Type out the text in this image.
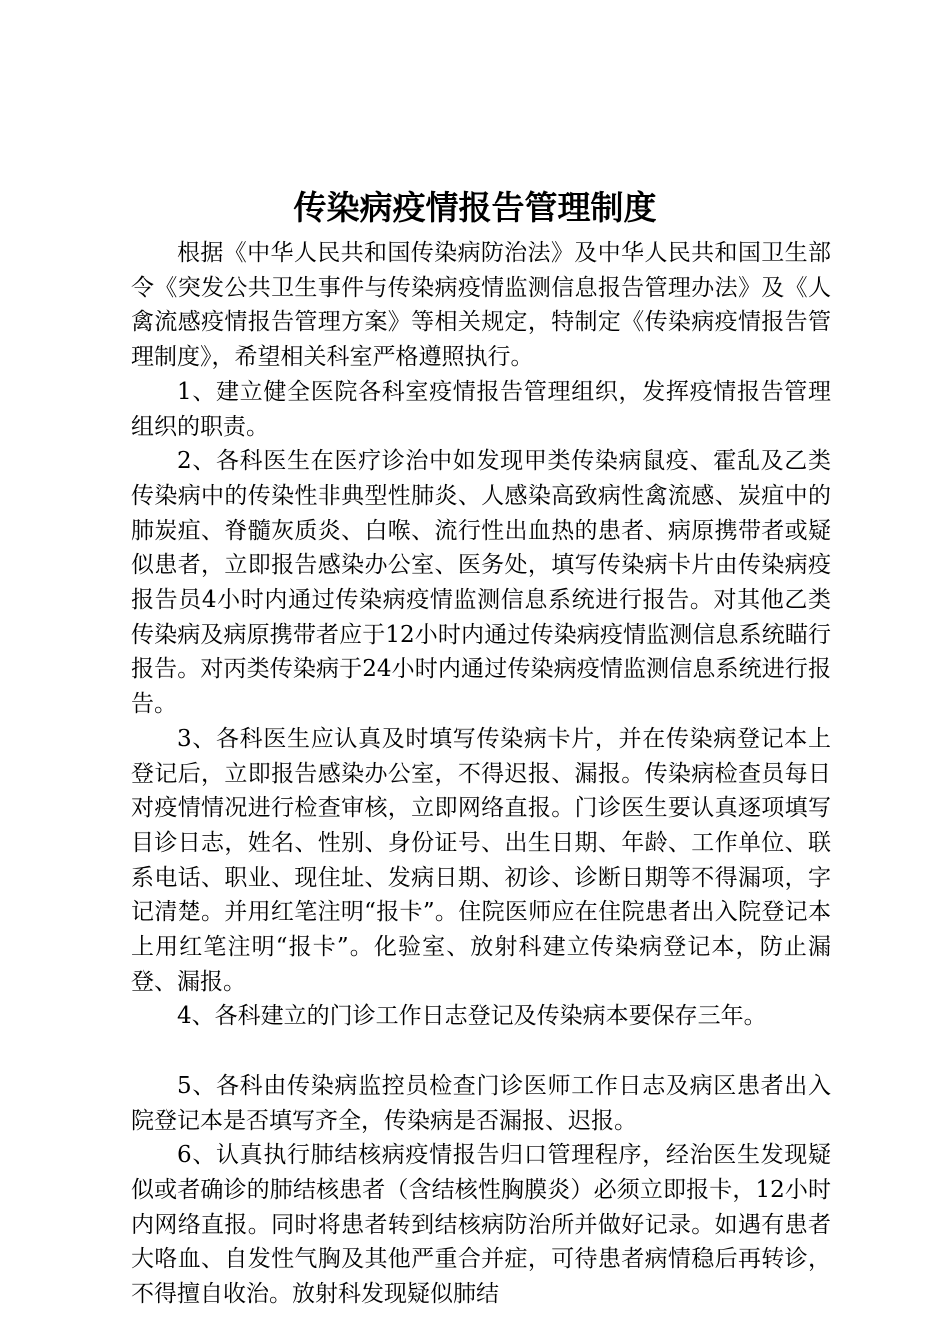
传染病疫情报告管理制度

根据《中华人民共和国传染病防治法》及中华人民共和国卫生部令《突发公共卫生事件与传染病疫情监测信息报告管理办法》及《人禽流感疫情报告管理方案》等相关规定，特制定《传染病疫情报告管理制度》，希望相关科室严格遵照执行。

1、建立健全医院各科室疫情报告管理组织，发挥疫情报告管理组织的职责。

2、各科医生在医疗诊治中如发现甲类传染病鼠疫、霍乱及乙类传染病中的传染性非典型性肺炎、人感染高致病性禽流感、炭疽中的肺炭疽、脊髓灰质炎、白喉、流行性出血热的患者、病原携带者或疑似患者，立即报告感染办公室、医务处，填写传染病卡片由传染病疫报告员4小时内通过传染病疫情监测信息系统进行报告。对其他乙类传染病及病原携带者应于12小时内通过传染病疫情监测信息系统瞄行报告。对丙类传染病于24小时内通过传染病疫情监测信息系统进行报告。

3、各科医生应认真及时填写传染病卡片，并在传染病登记本上登记后，立即报告感染办公室，不得迟报、漏报。传染病检查员每日对疫情情况进行检查审核，立即网络直报。门诊医生要认真逐项填写目诊日志，姓名、性别、身份证号、出生日期、年龄、工作单位、联系电话、职业、现住址、发病日期、初诊、诊断日期等不得漏项，字记清楚。并用红笔注明“报卡”。住院医师应在住院患者出入院登记本上用红笔注明“报卡”。化验室、放射科建立传染病登记本，防止漏登、漏报。

4、各科建立的门诊工作日志登记及传染病本要保存三年。

5、各科由传染病监控员检查门诊医师工作日志及病区患者出入院登记本是否填写齐全，传染病是否漏报、迟报。

6、认真执行肺结核病疫情报告归口管理程序，经治医生发现疑似或者确诊的肺结核患者（含结核性胸膜炎）必须立即报卡，12小时内网络直报。同时将患者转到结核病防治所并做好记录。如遇有患者大咯血、自发性气胸及其他严重合并症，可待患者病情稳后再转诊，不得擅自收治。放射科发现疑似肺结
